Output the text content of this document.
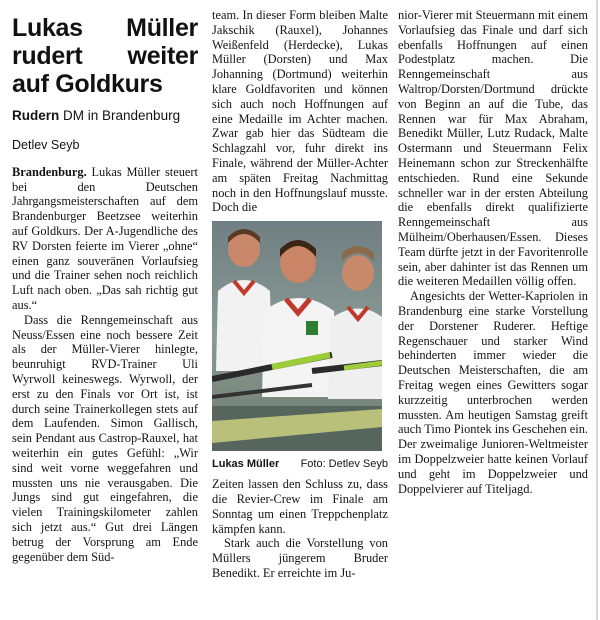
Lukas Müller rudert weiter auf Goldkurs
Rudern DM in Brandenburg
Detlev Seyb

Brandenburg. Lukas Müller steuert bei den Deutschen Jahrgangsmeisterschaften auf dem Brandenburger Beetzsee weiterhin auf Goldkurs. Der A-Jugendliche des RV Dorsten feierte im Vierer „ohne“ einen ganz souveränen Vorlaufsieg und die Trainer sehen noch reichlich Luft nach oben. „Das sah richtig gut aus.“

Dass die Renngemeinschaft aus Neuss/Essen eine noch bessere Zeit als der Müller-Vierer hinlegte, beunruhigt RVD-Trainer Uli Wyrwoll keineswegs. Wyrwoll, der erst zu den Finals vor Ort ist, ist durch seine Trainerkollegen stets auf dem Laufenden. Simon Gallisch, sein Pendant aus Castrop-Rauxel, hat weiterhin ein gutes Gefühl: „Wir sind weit vorne weggefahren und mussten uns nie verausgaben. Die Jungs sind gut eingefahren, die vielen Trainingskilometer zahlen sich jetzt aus.“ Gut drei Längen betrug der Vorsprung am Ende gegenüber dem Süd-

team. In dieser Form bleiben Malte Jakschik (Rauxel), Johannes Weißenfeld (Herdecke), Lukas Müller (Dorsten) und Max Johanning (Dortmund) weiterhin klare Goldfavoriten und können sich auch noch Hoffnungen auf eine Medaille im Achter machen. Zwar gab hier das Südteam die Schlagzahl vor, fuhr direkt ins Finale, während der Müller-Achter am späten Freitag Nachmittag noch in den Hoffnungslauf musste. Doch die

Lukas Müller Foto: Detlev Seyb

Zeiten lassen den Schluss zu, dass die Revier-Crew im Finale am Sonntag um einen Treppchenplatz kämpfen kann.

Stark auch die Vorstellung von Müllers jüngerem Bruder Benedikt. Er erreichte im Ju-

nior-Vierer mit Steuermann mit einem Vorlaufsieg das Finale und darf sich ebenfalls Hoffnungen auf einen Podestplatz machen. Die Renngemeinschaft aus Waltrop/Dorsten/Dortmund drückte von Beginn an auf die Tube, das Rennen war für Max Abraham, Benedikt Müller, Lutz Rudack, Malte Ostermann und Steuermann Felix Heinemann schon zur Streckenhälfte entschieden. Rund eine Sekunde schneller war in der ersten Abteilung die ebenfalls direkt qualifizierte Renngemeinschaft aus Mülheim/Oberhausen/Essen. Dieses Team dürfte jetzt in der Favoritenrolle sein, aber dahinter ist das Rennen um die weiteren Medaillen völlig offen.

Angesichts der Wetter-Kapriolen in Brandenburg eine starke Vorstellung der Dorstener Ruderer. Heftige Regenschauer und starker Wind behinderten immer wieder die Deutschen Meisterschaften, die am Freitag wegen eines Gewitters sogar kurzzeitig unterbrochen werden mussten. Am heutigen Samstag greift auch Timo Piontek ins Geschehen ein. Der zweimalige Junioren-Weltmeister im Doppelzweier hatte keinen Vorlauf und geht im Doppelzweier und Doppelvierer auf Titeljagd.
